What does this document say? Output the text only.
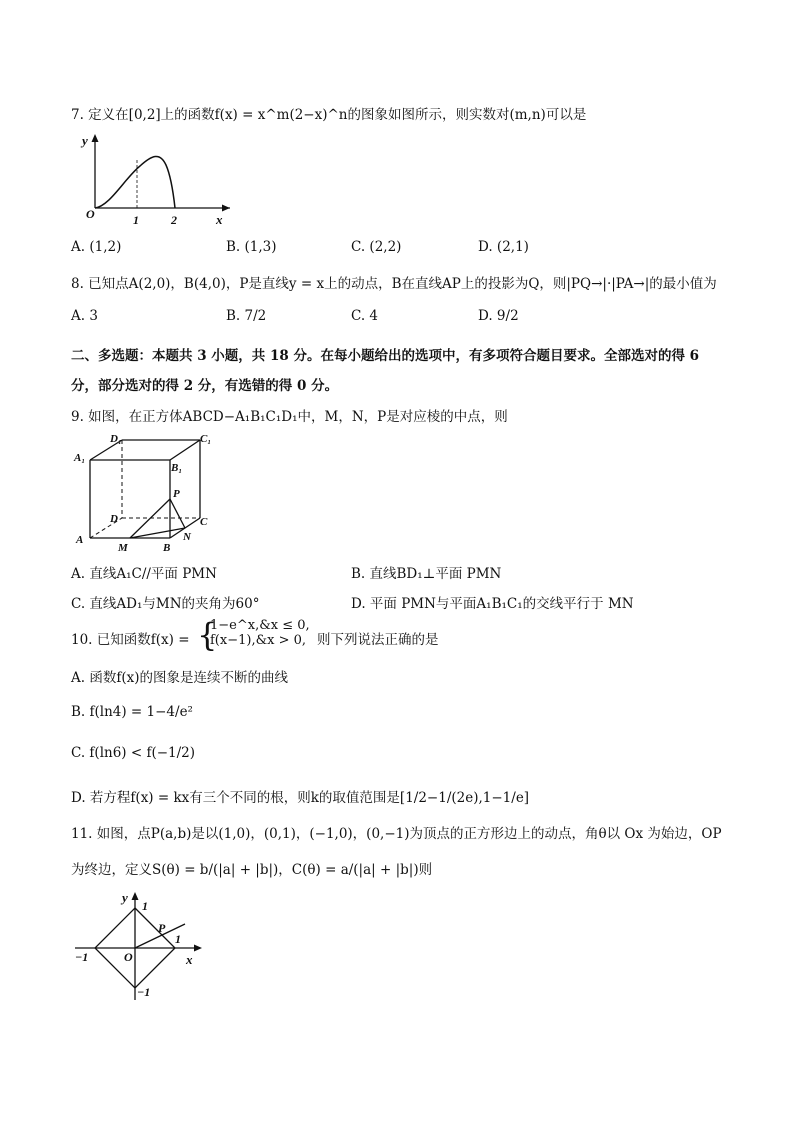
7. 定义在[0,2]上的函数f(x) = x^m(2−x)^n的图象如图所示，则实数对(m,n)可以是
y
O	1	2	x
A. (1,2)	B. (1,3)	C. (2,2)	D. (2,1)
8. 已知点A(2,0)，B(4,0)，P是直线y = x上的动点，B在直线AP上的投影为Q，则|PQ→|·|PA→|的最小值为
A. 3	B. 7/2	C. 4	D. 9/2
二、多选题：本题共 3 小题，共 18 分。在每小题给出的选项中，有多项符合题目要求。全部选对的得 6
分，部分选对的得 2 分，有选错的得 0 分。
9. 如图，在正方体ABCD−A₁B₁C₁D₁中，M，N，P是对应棱的中点，则
D₁	C₁
A₁
B₁
P
D	C
A	N
M	B
A. 直线A₁C//平面 PMN	B. 直线BD₁⊥平面 PMN
C. 直线AD₁与MN的夹角为60°	D. 平面 PMN与平面A₁B₁C₁的交线平行于 MN
10. 已知函数f(x) = {
1−e^x,&x ≤ 0,
f(x−1),&x > 0, 则下列说法正确的是
A. 函数f(x)的图象是连续不断的曲线
B. f(ln4) = 1−4/e²
C. f(ln6) < f(−1/2)
D. 若方程f(x) = kx有三个不同的根，则k的取值范围是[1/2−1/(2e),1−1/e]
11. 如图，点P(a,b)是以(1,0)，(0,1)，(−1,0)，(0,−1)为顶点的正方形边上的动点，角θ以 Ox 为始边，OP
为终边，定义S(θ) = b/(|a| + |b|)，C(θ) = a/(|a| + |b|)则
y
1
P
1
−1	O	x
−1
